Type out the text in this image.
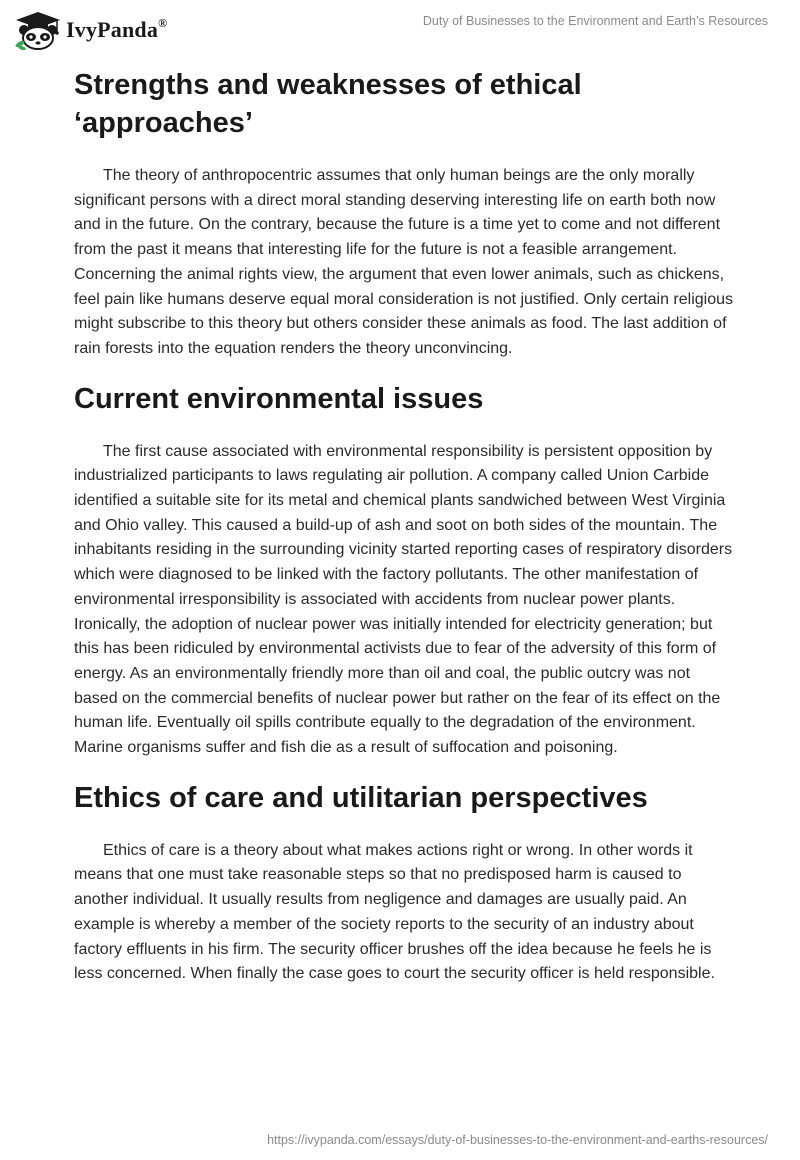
IvyPanda®	Duty of Businesses to the Environment and Earth’s Resources
Strengths and weaknesses of ethical ‘approaches’

The theory of anthropocentric assumes that only human beings are the only morally significant persons with a direct moral standing deserving interesting life on earth both now and in the future. On the contrary, because the future is a time yet to come and not different from the past it means that interesting life for the future is not a feasible arrangement. Concerning the animal rights view, the argument that even lower animals, such as chickens, feel pain like humans deserve equal moral consideration is not justified. Only certain religious might subscribe to this theory but others consider these animals as food. The last addition of rain forests into the equation renders the theory unconvincing.

Current environmental issues

The first cause associated with environmental responsibility is persistent opposition by industrialized participants to laws regulating air pollution. A company called Union Carbide identified a suitable site for its metal and chemical plants sandwiched between West Virginia and Ohio valley. This caused a build-up of ash and soot on both sides of the mountain. The inhabitants residing in the surrounding vicinity started reporting cases of respiratory disorders which were diagnosed to be linked with the factory pollutants. The other manifestation of environmental irresponsibility is associated with accidents from nuclear power plants. Ironically, the adoption of nuclear power was initially intended for electricity generation; but this has been ridiculed by environmental activists due to fear of the adversity of this form of energy. As an environmentally friendly more than oil and coal, the public outcry was not based on the commercial benefits of nuclear power but rather on the fear of its effect on the human life. Eventually oil spills contribute equally to the degradation of the environment. Marine organisms suffer and fish die as a result of suffocation and poisoning.

Ethics of care and utilitarian perspectives

Ethics of care is a theory about what makes actions right or wrong. In other words it means that one must take reasonable steps so that no predisposed harm is caused to another individual. It usually results from negligence and damages are usually paid. An example is whereby a member of the society reports to the security of an industry about factory effluents in his firm. The security officer brushes off the idea because he feels he is less concerned. When finally the case goes to court the security officer is held responsible.

https://ivypanda.com/essays/duty-of-businesses-to-the-environment-and-earths-resources/
